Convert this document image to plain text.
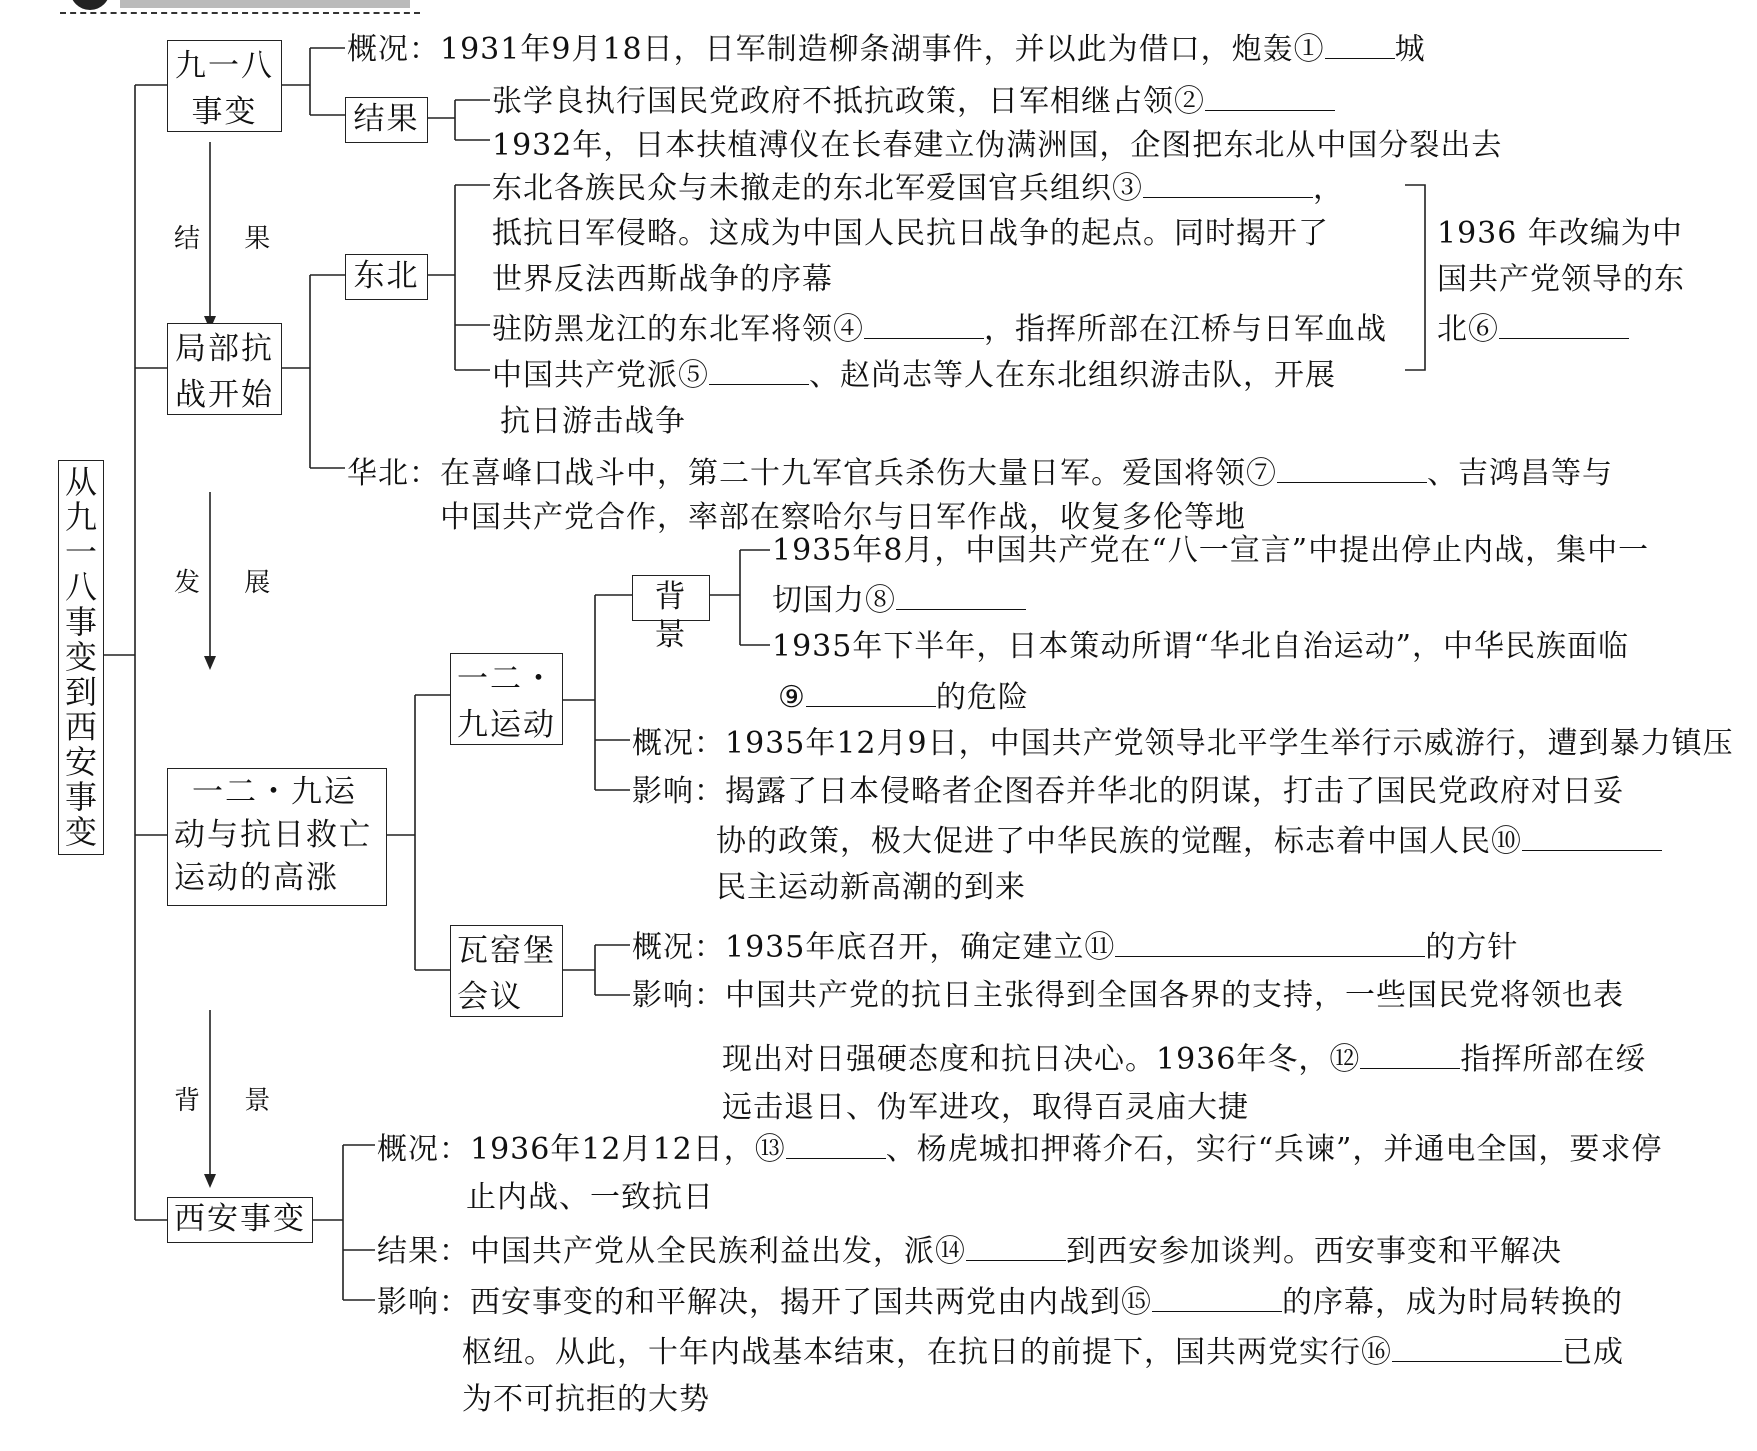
从
九
一
八
事
变
到
西
安
事
变
结 果
发 展
背 景
九一八
事变	结果
概况：1931年9月18日，日军制造柳条湖事件，并以此为借口，炮轰① 城
张学良执行国民党政府不抵抗政策，日军相继占领②
1932年，日本扶植溥仪在长春建立伪满洲国，企图把东北从中国分裂出去
局部抗
战开始
东北
东北各族民众与未撤走的东北军爱国官兵组织③	，
抵抗日军侵略。这成为中国人民抗日战争的起点。同时揭开了
世界反法西斯战争的序幕
驻防黑龙江的东北军将领④	，指挥所部在江桥与日军血战
中国共产党派⑤	、赵尚志等人在东北组织游击队，开展
抗日游击战争
1936 年改编为中
国共产党领导的东
北⑥
华北：在喜峰口战斗中，第二十九军官兵杀伤大量日军。爱国将领⑦	、吉鸿昌等与
中国共产党合作，率部在察哈尔与日军作战，收复多伦等地
一二・九运
动与抗日救亡
运动的高涨
一二・
九运动
背景
1935年8月，中国共产党在“八一宣言”中提出停止内战，集中一
切国力⑧
1935年下半年，日本策动所谓“华北自治运动”，中华民族面临
⑨	的危险
概况：1935年12月9日，中国共产党领导北平学生举行示威游行，遭到暴力镇压
影响：揭露了日本侵略者企图吞并华北的阴谋，打击了国民党政府对日妥
协的政策，极大促进了中华民族的觉醒，标志着中国人民⑩
民主运动新高潮的到来
瓦窑堡
会议
概况：1935年底召开，确定建立⑪	的方针
影响：中国共产党的抗日主张得到全国各界的支持，一些国民党将领也表
现出对日强硬态度和抗日决心。1936年冬，⑫	指挥所部在绥
远击退日、伪军进攻，取得百灵庙大捷
西安事变
概况：1936年12月12日，⑬	、杨虎城扣押蒋介石，实行“兵谏”，并通电全国，要求停
止内战、一致抗日
结果：中国共产党从全民族利益出发，派⑭	到西安参加谈判。西安事变和平解决
影响：西安事变的和平解决，揭开了国共两党由内战到⑮	的序幕，成为时局转换的
枢纽。从此，十年内战基本结束，在抗日的前提下，国共两党实行⑯	已成
为不可抗拒的大势
